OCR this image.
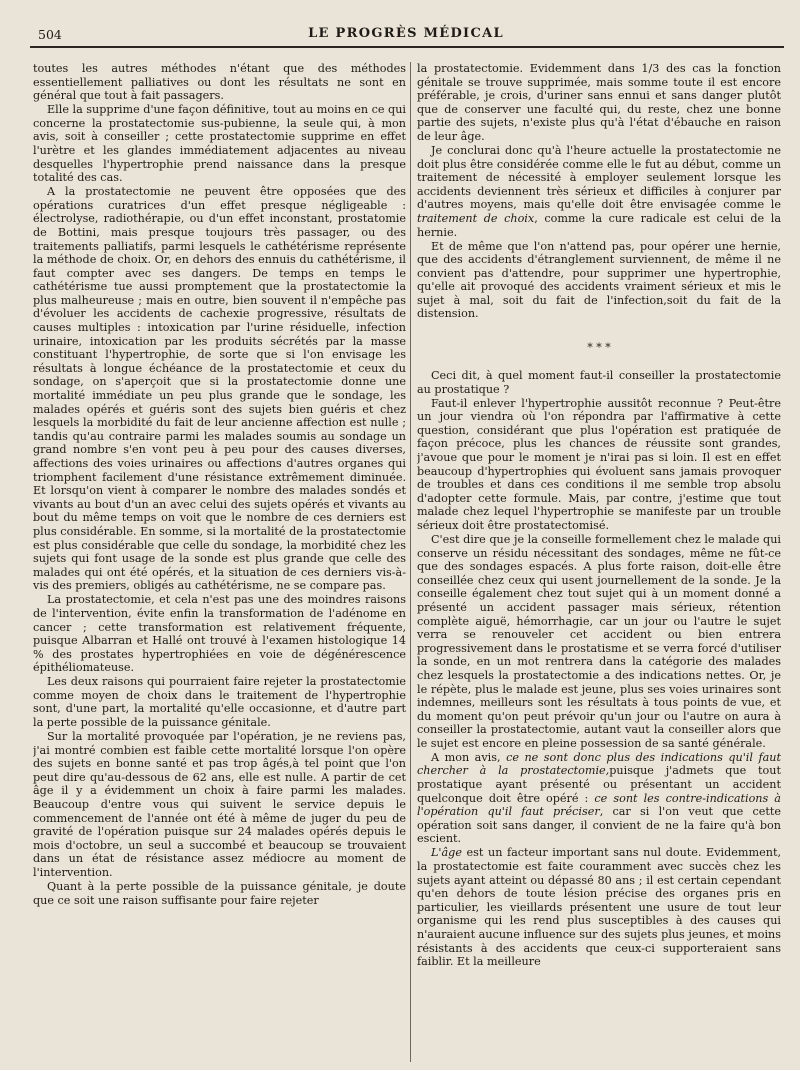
504	LE PROGRÈS MÉDICAL

toutes les autres méthodes n'étant que des méthodes essentiellement palliatives ou dont les résultats ne sont en général que tout à fait passagers.

Elle la supprime d'une façon définitive, tout au moins en ce qui concerne la prostatectomie sus-pubienne, la seule qui, à mon avis, soit à conseiller ; cette prostatectomie supprime en effet l'urètre et les glandes immédiatement adjacentes au niveau desquelles l'hypertrophie prend naissance dans la presque totalité des cas.

A la prostatectomie ne peuvent être opposées que des opérations curatrices d'un effet presque négligeable : électrolyse, radiothérapie, ou d'un effet inconstant, prostatomie de Bottini, mais presque toujours très passager, ou des traitements palliatifs, parmi lesquels le cathétérisme représente la méthode de choix. Or, en dehors des ennuis du cathétérisme, il faut compter avec ses dangers. De temps en temps le cathétérisme tue aussi promptement que la prostatectomie la plus malheureuse ; mais en outre, bien souvent il n'empêche pas d'évoluer les accidents de cachexie progressive, résultats de causes multiples : intoxication par l'urine résiduelle, infection urinaire, intoxication par les produits sécrétés par la masse constituant l'hypertrophie, de sorte que si l'on envisage les résultats à longue échéance de la prostatectomie et ceux du sondage, on s'aperçoit que si la prostatectomie donne une mortalité immédiate un peu plus grande que le sondage, les malades opérés et guéris sont des sujets bien guéris et chez lesquels la morbidité du fait de leur ancienne affection est nulle ; tandis qu'au contraire parmi les malades soumis au sondage un grand nombre s'en vont peu à peu pour des causes diverses, affections des voies urinaires ou affections d'autres organes qui triomphent facilement d'une résistance extrêmement diminuée. Et lorsqu'on vient à comparer le nombre des malades sondés et vivants au bout d'un an avec celui des sujets opérés et vivants au bout du même temps on voit que le nombre de ces derniers est plus considérable. En somme, si la mortalité de la prostatectomie est plus considérable que celle du sondage, la morbidité chez les sujets qui font usage de la sonde est plus grande que celle des malades qui ont été opérés, et la situation de ces derniers vis-à-vis des premiers, obligés au cathétérisme, ne se compare pas.

La prostatectomie, et cela n'est pas une des moindres raisons de l'intervention, évite enfin la transformation de l'adénome en cancer ; cette transformation est relativement fréquente, puisque Albarran et Hallé ont trouvé à l'examen histologique 14 % des prostates hypertrophiées en voie de dégénérescence épithéliomateuse.

Les deux raisons qui pourraient faire rejeter la prostatectomie comme moyen de choix dans le traitement de l'hypertrophie sont, d'une part, la mortalité qu'elle occasionne, et d'autre part la perte possible de la puissance génitale.

Sur la mortalité provoquée par l'opération, je ne reviens pas, j'ai montré combien est faible cette mortalité lorsque l'on opère des sujets en bonne santé et pas trop âgés,à tel point que l'on peut dire qu'au-dessous de 62 ans, elle est nulle. A partir de cet âge il y a évidemment un choix à faire parmi les malades. Beaucoup d'entre vous qui suivent le service depuis le commencement de l'année ont été à même de juger du peu de gravité de l'opération puisque sur 24 malades opérés depuis le mois d'octobre, un seul a succombé et beaucoup se trouvaient dans un état de résistance assez médiocre au moment de l'intervention.

Quant à la perte possible de la puissance génitale, je doute que ce soit une raison suffisante pour faire rejeter

la prostatectomie. Evidemment dans 1/3 des cas la fonction génitale se trouve supprimée, mais somme toute il est encore préférable, je crois, d'uriner sans ennui et sans danger plutôt que de conserver une faculté qui, du reste, chez une bonne partie des sujets, n'existe plus qu'à l'état d'ébauche en raison de leur âge.

Je conclurai donc qu'à l'heure actuelle la prostatectomie ne doit plus être considérée comme elle le fut au début, comme un traitement de nécessité à employer seulement lorsque les accidents deviennent très sérieux et difficiles à conjurer par d'autres moyens, mais qu'elle doit être envisagée comme le traitement de choix, comme la cure radicale est celui de la hernie.

Et de même que l'on n'attend pas, pour opérer une hernie, que des accidents d'étranglement surviennent, de même il ne convient pas d'attendre, pour supprimer une hypertrophie, qu'elle ait provoqué des accidents vraiment sérieux et mis le sujet à mal, soit du fait de l'infection,soit du fait de la distension.

* * *

Ceci dit, à quel moment faut-il conseiller la prostatectomie au prostatique ?

Faut-il enlever l'hypertrophie aussitôt reconnue ? Peut-être un jour viendra où l'on répondra par l'affirmative à cette question, considérant que plus l'opération est pratiquée de façon précoce, plus les chances de réussite sont grandes, j'avoue que pour le moment je n'irai pas si loin. Il est en effet beaucoup d'hypertrophies qui évoluent sans jamais provoquer de troubles et dans ces conditions il me semble trop absolu d'adopter cette formule. Mais, par contre, j'estime que tout malade chez lequel l'hypertrophie se manifeste par un trouble sérieux doit être prostatectomisé.

C'est dire que je la conseille formellement chez le malade qui conserve un résidu nécessitant des sondages, même ne fût-ce que des sondages espacés. A plus forte raison, doit-elle être conseillée chez ceux qui usent journellement de la sonde. Je la conseille également chez tout sujet qui à un moment donné a présenté un accident passager mais sérieux, rétention complète aiguë, hémorrhagie, car un jour ou l'autre le sujet verra se renouveler cet accident ou bien entrera progressivement dans le prostatisme et se verra forcé d'utiliser la sonde, en un mot rentrera dans la catégorie des malades chez lesquels la prostatectomie a des indications nettes. Or, je le répète, plus le malade est jeune, plus ses voies urinaires sont indemnes, meilleurs sont les résultats à tous points de vue, et du moment qu'on peut prévoir qu'un jour ou l'autre on aura à conseiller la prostatectomie, autant vaut la conseiller alors que le sujet est encore en pleine possession de sa santé générale.

A mon avis, ce ne sont donc plus des indications qu'il faut chercher à la prostatectomie,puisque j'admets que tout prostatique ayant présenté ou présentant un accident quelconque doit être opéré : ce sont les contre-indications à l'opération qu'il faut préciser, car si l'on veut que cette opération soit sans danger, il convient de ne la faire qu'à bon escient.

L'âge est un facteur important sans nul doute. Evidemment, la prostatectomie est faite couramment avec succès chez les sujets ayant atteint ou dépassé 80 ans ; il est certain cependant qu'en dehors de toute lésion précise des organes pris en particulier, les vieillards présentent une usure de tout leur organisme qui les rend plus susceptibles à des causes qui n'auraient aucune influence sur des sujets plus jeunes, et moins résistants à des accidents que ceux-ci supporteraient sans faiblir. Et la meilleure
